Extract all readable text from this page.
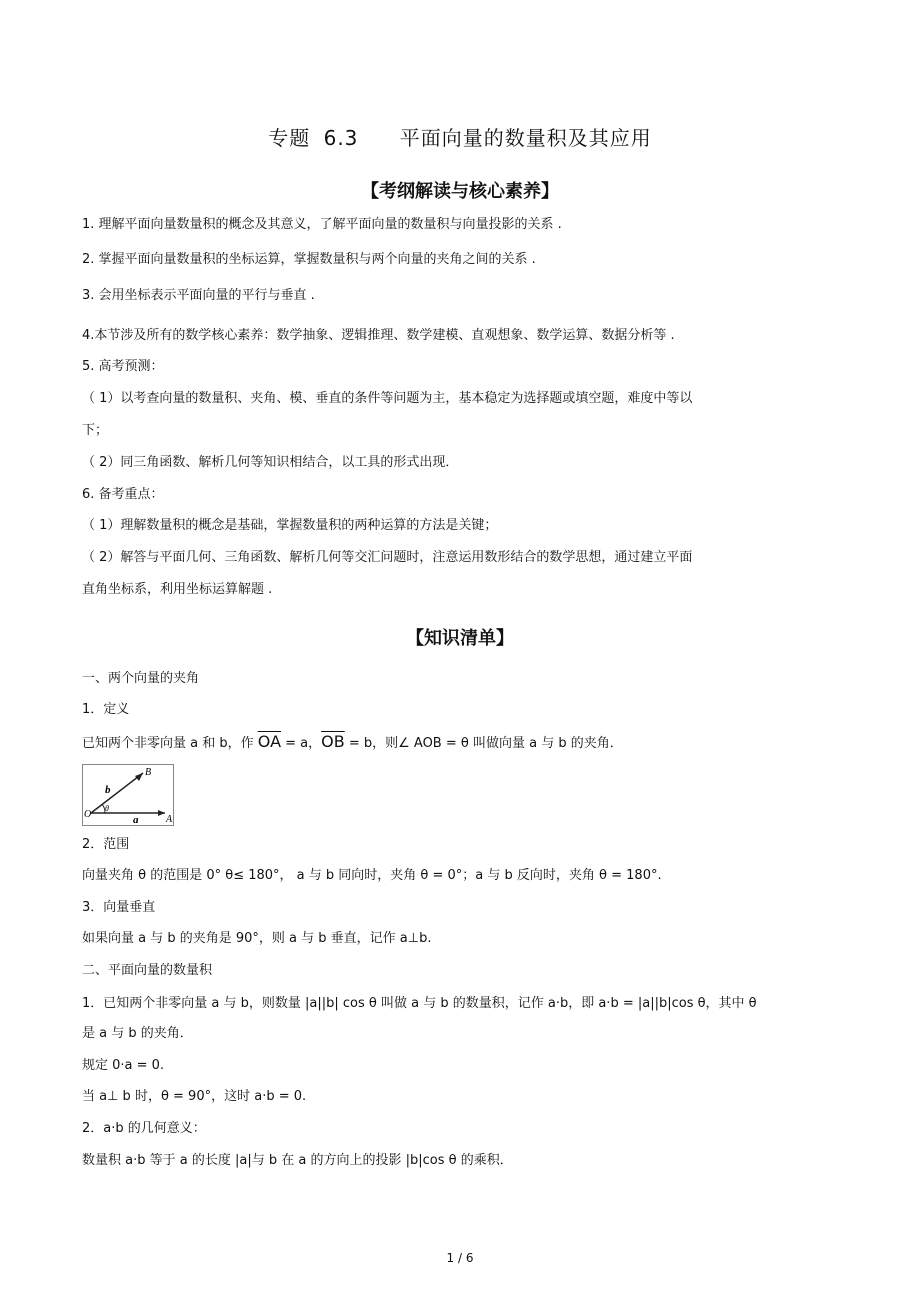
专题 6.3 平面向量的数量积及其应用
【考纲解读与核心素养】
1. 理解平面向量数量积的概念及其意义，了解平面向量的数量积与向量投影的关系 .
2. 掌握平面向量数量积的坐标运算，掌握数量积与两个向量的夹角之间的关系 .
3. 会用坐标表示平面向量的平行与垂直 .
4.本节涉及所有的数学核心素养：数学抽象、逻辑推理、数学建模、直观想象、数学运算、数据分析等 .
5. 高考预测：
（ 1）以考查向量的数量积、夹角、模、垂直的条件等问题为主，基本稳定为选择题或填空题，难度中等以
下；
（ 2）同三角函数、解析几何等知识相结合，以工具的形式出现．
6. 备考重点：
（ 1）理解数量积的概念是基础，掌握数量积的两种运算的方法是关键；
（ 2）解答与平面几何、三角函数、解析几何等交汇问题时，注意运用数形结合的数学思想，通过建立平面
直角坐标系，利用坐标运算解题 .
【知识清单】
一、两个向量的夹角
1．定义
已知两个非零向量 a 和 b，作 $\overline{OA} = a$，$\overline{OB} = b$，则∠ AOB = θ 叫做向量 a 与 b 的夹角．
O	A
B
a
b
θ
2．范围
向量夹角 θ 的范围是 0° θ≤ 180°， a 与 b 同向时，夹角 θ = 0°；a 与 b 反向时，夹角 θ = 180°.
3．向量垂直
如果向量 a 与 b 的夹角是 90°，则 a 与 b 垂直，记作 a⊥b.
二、平面向量的数量积
1．已知两个非零向量 a 与 b，则数量 |a||b| cos θ 叫做 a 与 b 的数量积，记作 a·b，即 a·b = |a||b|cos θ，其中 θ
是 a 与 b 的夹角．
规定 0·a = 0.
当 a⊥ b 时，θ = 90°，这时 a·b = 0.
2．a·b 的几何意义：
数量积 a·b 等于 a 的长度 |a|与 b 在 a 的方向上的投影 |b|cos θ 的乘积．
1 / 6
